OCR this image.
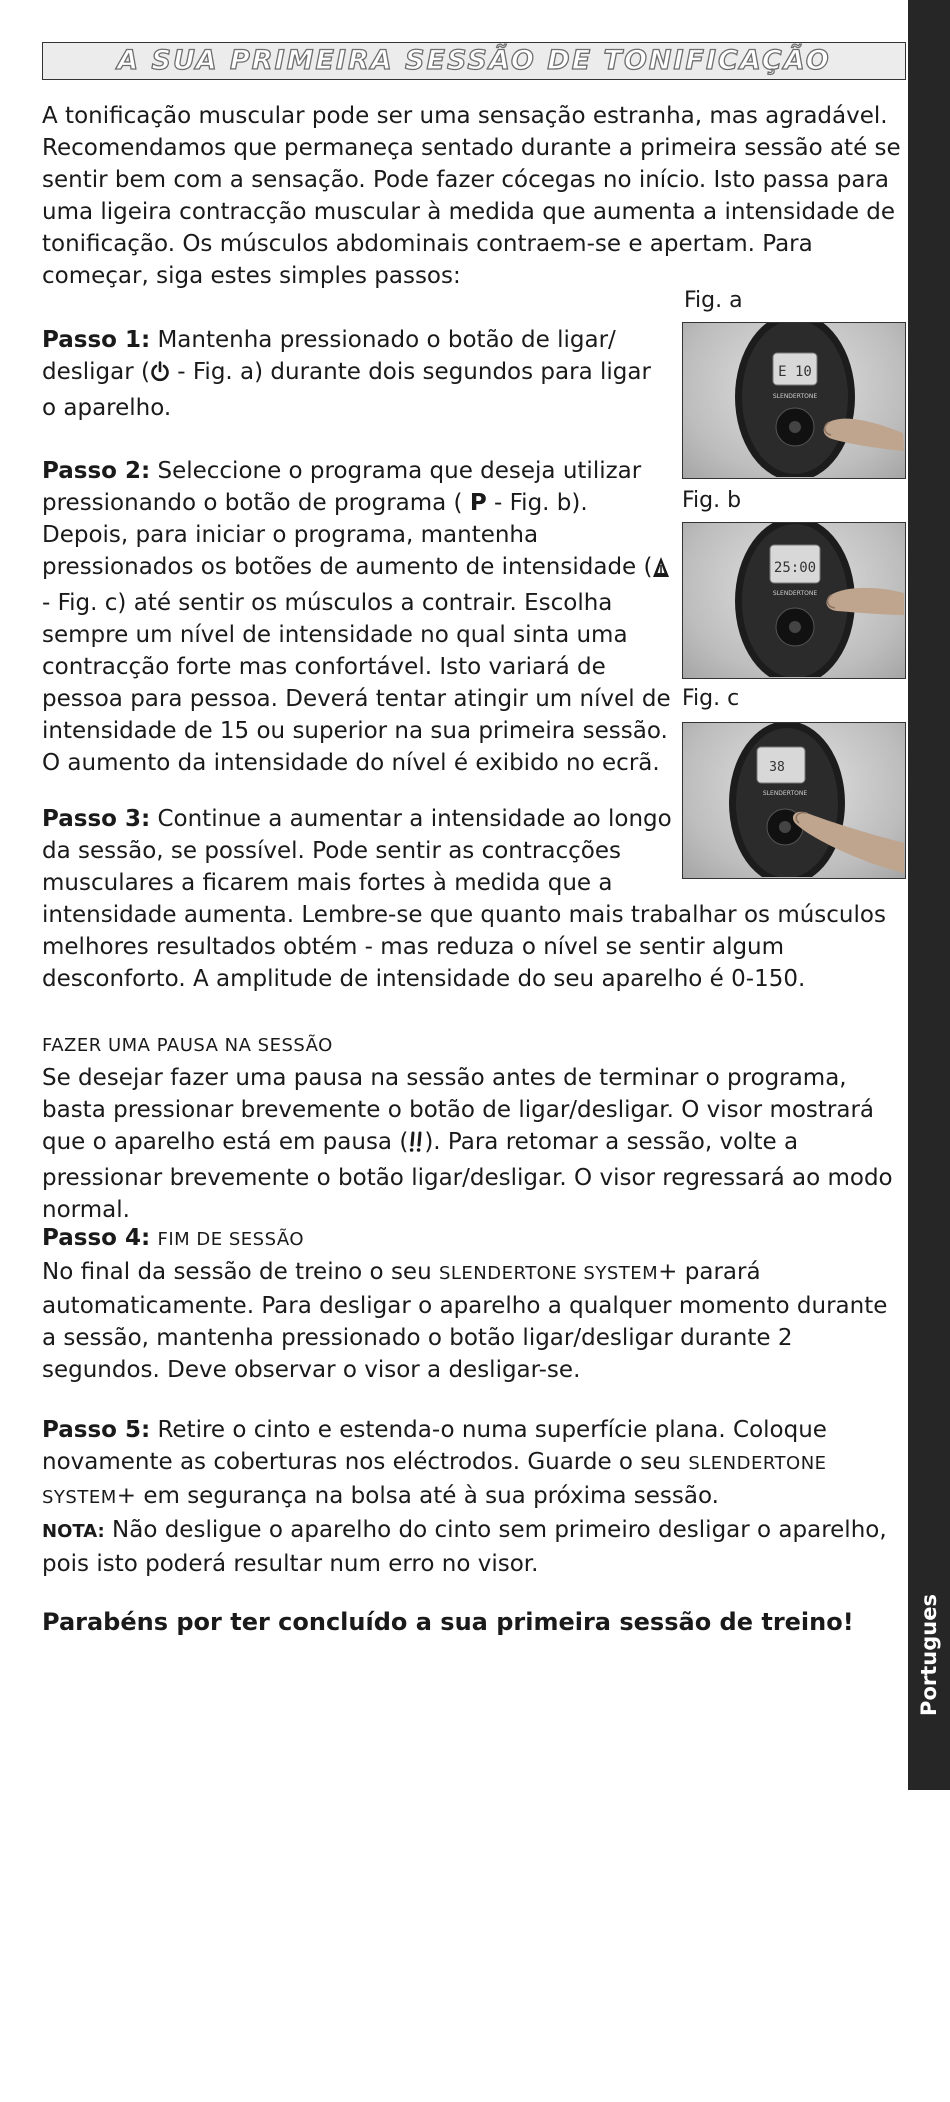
Portugues
A SUA PRIMEIRA SESSÃO DE TONIFICAÇÃO

A tonificação muscular pode ser uma sensação estranha, mas agradável. Recomendamos que permaneça sentado durante a primeira sessão até se sentir bem com a sensação. Pode fazer cócegas no início. Isto passa para uma ligeira contracção muscular à medida que aumenta a intensidade de tonificação. Os músculos abdominais contraem-se e apertam. Para começar, siga estes simples passos:

Passo 1: Mantenha pressionado o botão de ligar/ desligar ( - Fig. a) durante dois segundos para ligar o aparelho.

Passo 2: Seleccione o programa que deseja utilizar pressionando o botão de programa ( P - Fig. b). Depois, para iniciar o programa, mantenha pressionados os botões de aumento de intensidade ( - Fig. c) até sentir os músculos a contrair. Escolha sempre um nível de intensidade no qual sinta uma contracção forte mas confortável. Isto variará de pessoa para pessoa. Deverá tentar atingir um nível de intensidade de 15 ou superior na sua primeira sessão. O aumento da intensidade do nível é exibido no ecrã.

Passo 3: Continue a aumentar a intensidade ao longo da sessão, se possível. Pode sentir as contracções musculares a ficarem mais fortes à medida que a

intensidade aumenta. Lembre-se que quanto mais trabalhar os músculos melhores resultados obtém - mas reduza o nível se sentir algum desconforto. A amplitude de intensidade do seu aparelho é 0-150.

FAZER UMA PAUSA NA SESSÃO

Se desejar fazer uma pausa na sessão antes de terminar o programa, basta pressionar brevemente o botão de ligar/desligar. O visor mostrará que o aparelho está em pausa ( ). Para retomar a sessão, volte a pressionar brevemente o botão ligar/desligar. O visor regressará ao modo normal.

Passo 4: FIM DE SESSÃO

No final da sessão de treino o seu SLENDERTONE SYSTEM+ parará automaticamente. Para desligar o aparelho a qualquer momento durante a sessão, mantenha pressionado o botão ligar/desligar durante 2 segundos. Deve observar o visor a desligar-se.

Passo 5: Retire o cinto e estenda-o numa superfície plana. Coloque novamente as coberturas nos eléctrodos. Guarde o seu SLENDERTONE SYSTEM+ em segurança na bolsa até à sua próxima sessão.

NOTA: Não desligue o aparelho do cinto sem primeiro desligar o aparelho, pois isto poderá resultar num erro no visor.

Parabéns por ter concluído a sua primeira sessão de treino!

Fig. a
E 10
SLENDERTONE
Fig. b
25:00
SLENDERTONE
Fig. c
38
SLENDERTONE
